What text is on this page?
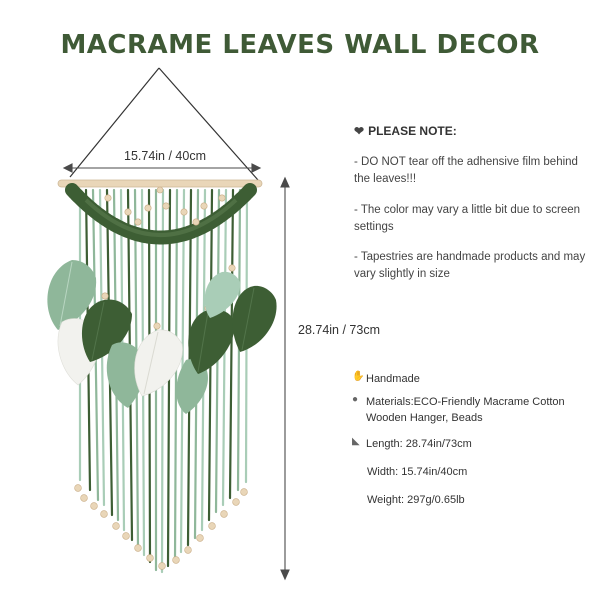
MACRAME LEAVES WALL DECOR
15.74in / 40cm
28.74in / 73cm
❤ PLEASE NOTE:
- DO NOT tear off the adhensive film behind the leaves!!!
- The color may vary a little bit due to screen settings
- Tapestries are handmade products and may vary slightly in size
✋ Handmade
● Materials:ECO-Friendly Macrame Cotton
Wooden Hanger, Beads
◣ Length: 28.74in/73cm
Width: 15.74in/40cm
Weight: 297g/0.65lb
